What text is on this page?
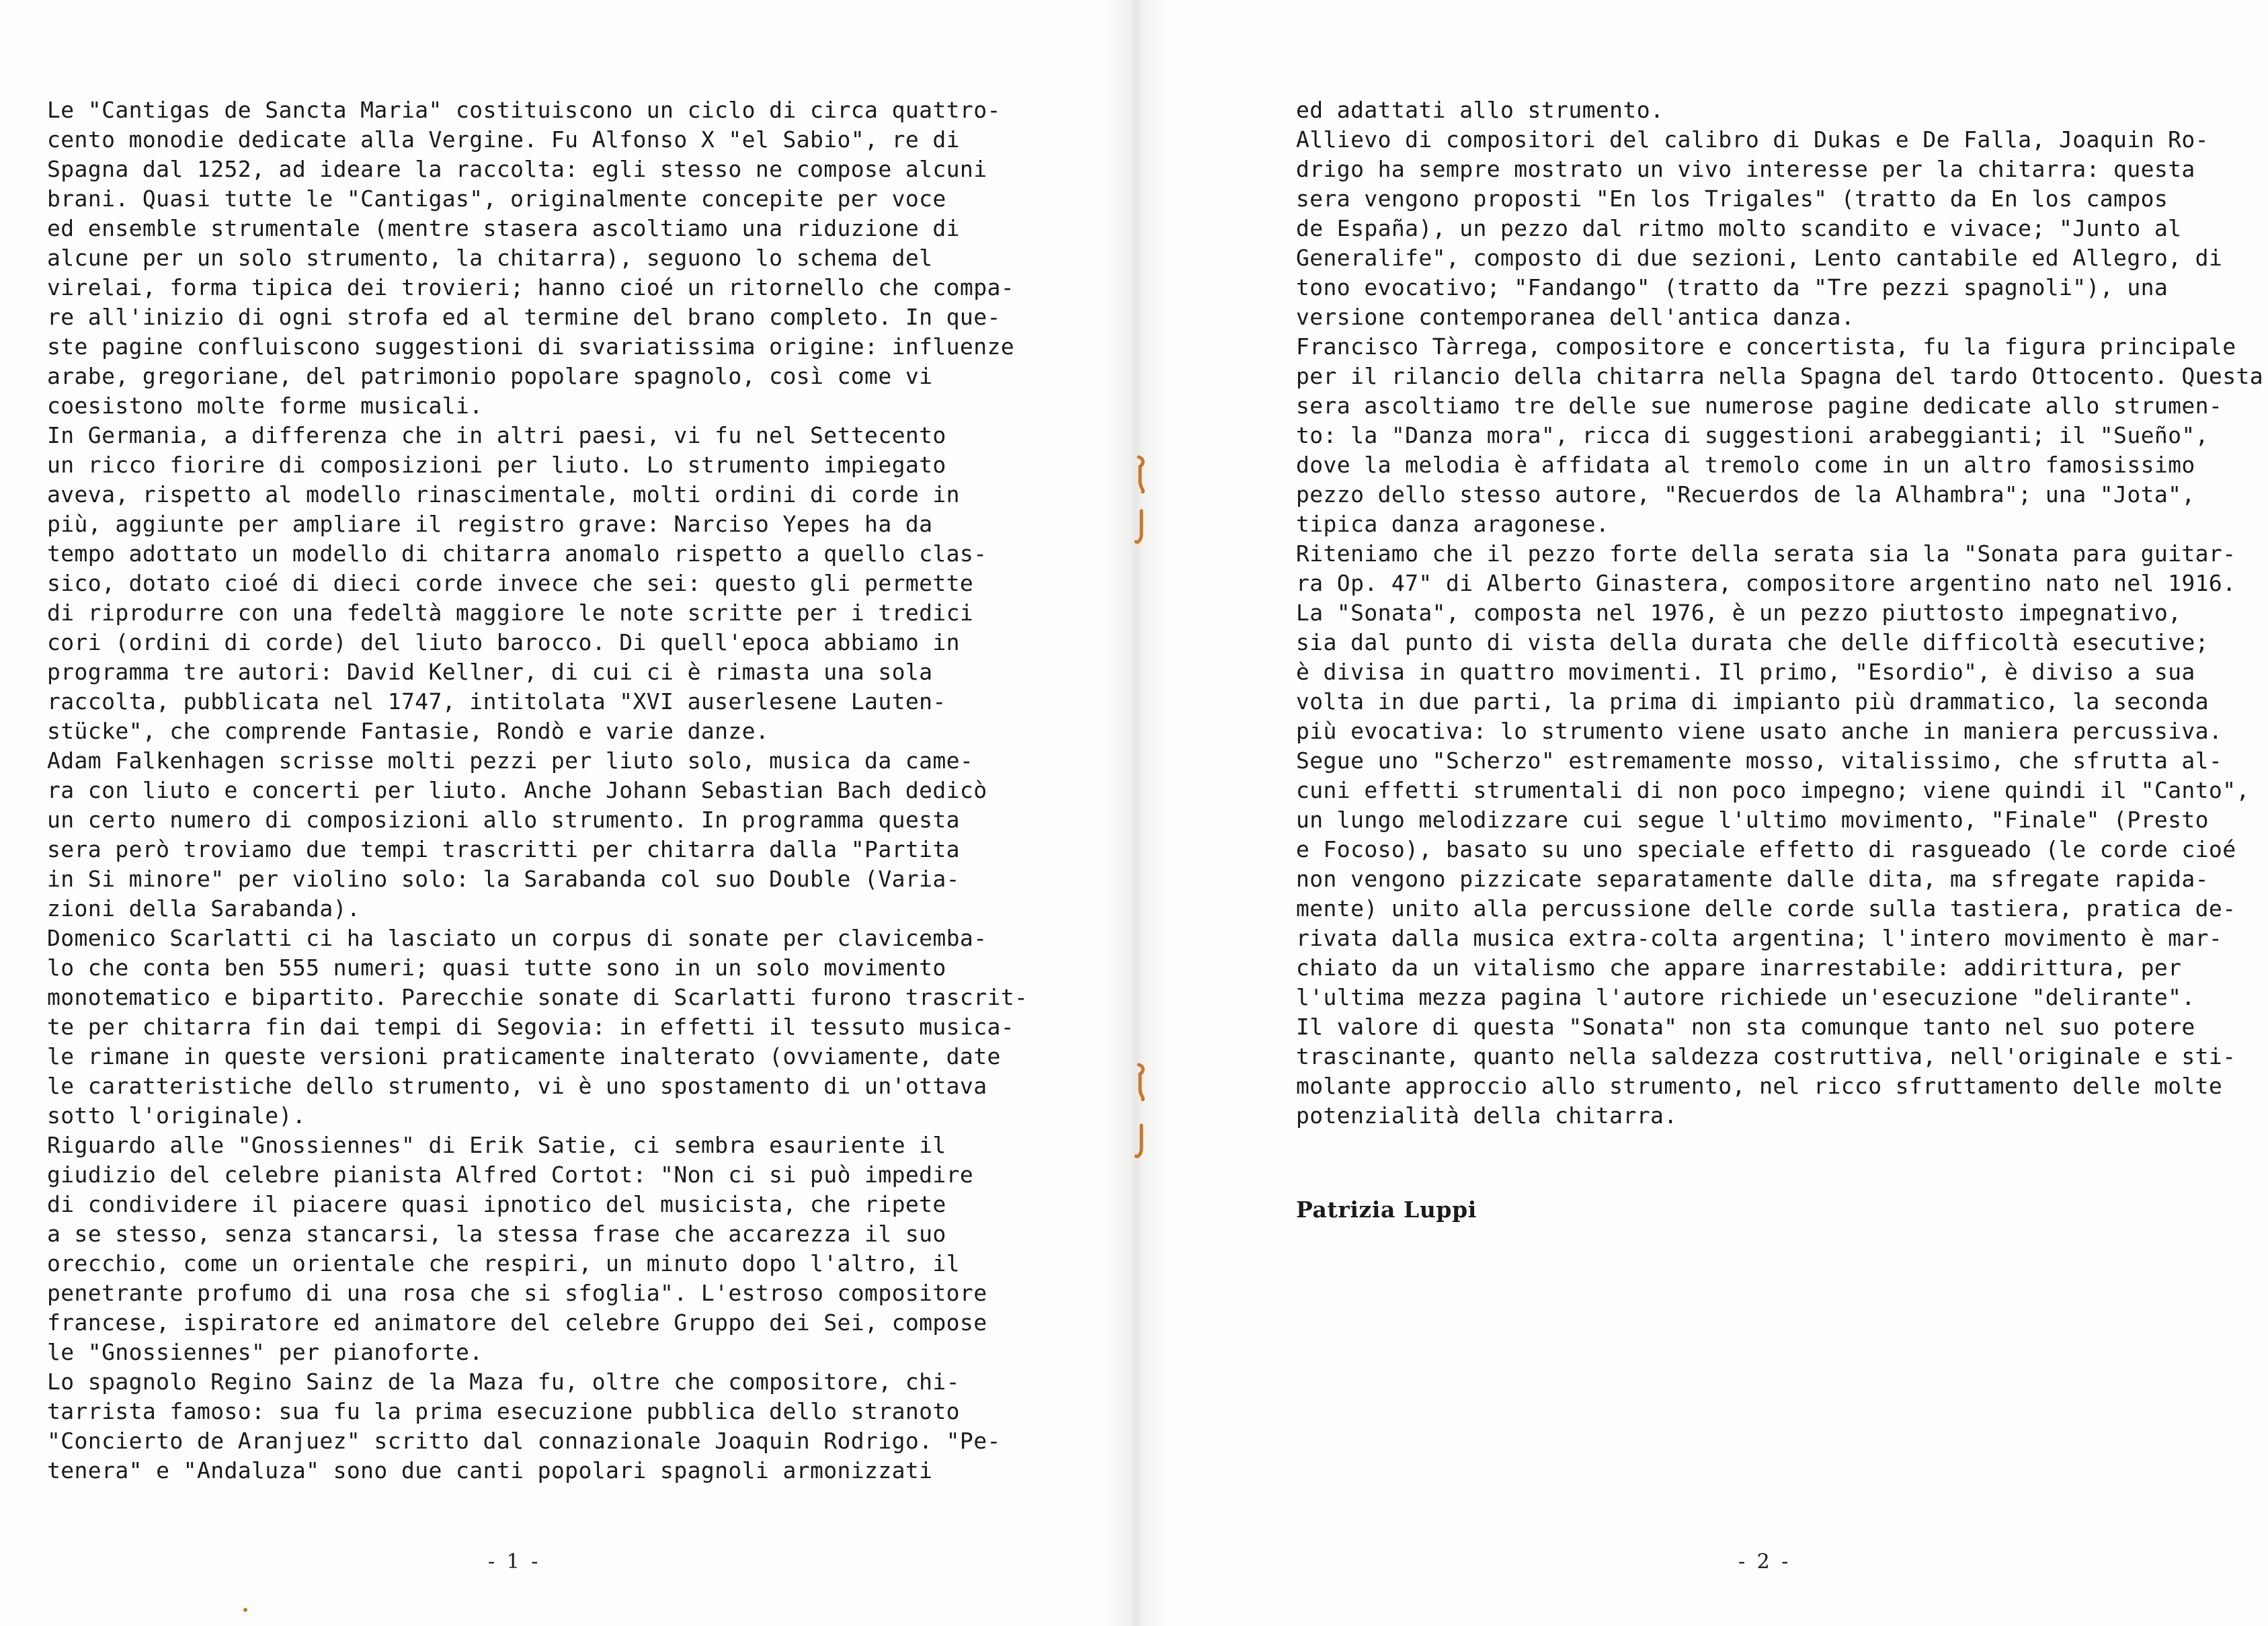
Le "Cantigas de Sancta Maria" costituiscono un ciclo di circa quattro-
cento monodie dedicate alla Vergine. Fu Alfonso X "el Sabio", re di
Spagna dal 1252, ad ideare la raccolta: egli stesso ne compose alcuni
brani. Quasi tutte le "Cantigas", originalmente concepite per voce
ed ensemble strumentale (mentre stasera ascoltiamo una riduzione di
alcune per un solo strumento, la chitarra), seguono lo schema del
virelai, forma tipica dei trovieri; hanno cioé un ritornello che compa-
re all'inizio di ogni strofa ed al termine del brano completo. In que-
ste pagine confluiscono suggestioni di svariatissima origine: influenze
arabe, gregoriane, del patrimonio popolare spagnolo, così come vi
coesistono molte forme musicali.
In Germania, a differenza che in altri paesi, vi fu nel Settecento
un ricco fiorire di composizioni per liuto. Lo strumento impiegato
aveva, rispetto al modello rinascimentale, molti ordini di corde in
più, aggiunte per ampliare il registro grave: Narciso Yepes ha da
tempo adottato un modello di chitarra anomalo rispetto a quello clas-
sico, dotato cioé di dieci corde invece che sei: questo gli permette
di riprodurre con una fedeltà maggiore le note scritte per i tredici
cori (ordini di corde) del liuto barocco. Di quell'epoca abbiamo in
programma tre autori: David Kellner, di cui ci è rimasta una sola
raccolta, pubblicata nel 1747, intitolata "XVI auserlesene Lauten-
stücke", che comprende Fantasie, Rondò e varie danze.
Adam Falkenhagen scrisse molti pezzi per liuto solo, musica da came-
ra con liuto e concerti per liuto. Anche Johann Sebastian Bach dedicò
un certo numero di composizioni allo strumento. In programma questa
sera però troviamo due tempi trascritti per chitarra dalla "Partita
in Si minore" per violino solo: la Sarabanda col suo Double (Varia-
zioni della Sarabanda).
Domenico Scarlatti ci ha lasciato un corpus di sonate per clavicemba-
lo che conta ben 555 numeri; quasi tutte sono in un solo movimento
monotematico e bipartito. Parecchie sonate di Scarlatti furono trascrit-
te per chitarra fin dai tempi di Segovia: in effetti il tessuto musica-
le rimane in queste versioni praticamente inalterato (ovviamente, date
le caratteristiche dello strumento, vi è uno spostamento di un'ottava
sotto l'originale).
Riguardo alle "Gnossiennes" di Erik Satie, ci sembra esauriente il
giudizio del celebre pianista Alfred Cortot: "Non ci si può impedire
di condividere il piacere quasi ipnotico del musicista, che ripete
a se stesso, senza stancarsi, la stessa frase che accarezza il suo
orecchio, come un orientale che respiri, un minuto dopo l'altro, il
penetrante profumo di una rosa che si sfoglia". L'estroso compositore
francese, ispiratore ed animatore del celebre Gruppo dei Sei, compose
le "Gnossiennes" per pianoforte.
Lo spagnolo Regino Sainz de la Maza fu, oltre che compositore, chi-
tarrista famoso: sua fu la prima esecuzione pubblica dello stranoto
"Concierto de Aranjuez" scritto dal connazionale Joaquin Rodrigo. "Pe-
tenera" e "Andaluza" sono due canti popolari spagnoli armonizzati
ed adattati allo strumento.
Allievo di compositori del calibro di Dukas e De Falla, Joaquin Ro-
drigo ha sempre mostrato un vivo interesse per la chitarra: questa
sera vengono proposti "En los Trigales" (tratto da En los campos
de España), un pezzo dal ritmo molto scandito e vivace; "Junto al
Generalife", composto di due sezioni, Lento cantabile ed Allegro, di
tono evocativo; "Fandango" (tratto da "Tre pezzi spagnoli"), una
versione contemporanea dell'antica danza.
Francisco Tàrrega, compositore e concertista, fu la figura principale
per il rilancio della chitarra nella Spagna del tardo Ottocento. Questa
sera ascoltiamo tre delle sue numerose pagine dedicate allo strumen-
to: la "Danza mora", ricca di suggestioni arabeggianti; il "Sueño",
dove la melodia è affidata al tremolo come in un altro famosissimo
pezzo dello stesso autore, "Recuerdos de la Alhambra"; una "Jota",
tipica danza aragonese.
Riteniamo che il pezzo forte della serata sia la "Sonata para guitar-
ra Op. 47" di Alberto Ginastera, compositore argentino nato nel 1916.
La "Sonata", composta nel 1976, è un pezzo piuttosto impegnativo,
sia dal punto di vista della durata che delle difficoltà esecutive;
è divisa in quattro movimenti. Il primo, "Esordio", è diviso a sua
volta in due parti, la prima di impianto più drammatico, la seconda
più evocativa: lo strumento viene usato anche in maniera percussiva.
Segue uno "Scherzo" estremamente mosso, vitalissimo, che sfrutta al-
cuni effetti strumentali di non poco impegno; viene quindi il "Canto",
un lungo melodizzare cui segue l'ultimo movimento, "Finale" (Presto
e Focoso), basato su uno speciale effetto di rasgueado (le corde cioé
non vengono pizzicate separatamente dalle dita, ma sfregate rapida-
mente) unito alla percussione delle corde sulla tastiera, pratica de-
rivata dalla musica extra-colta argentina; l'intero movimento è mar-
chiato da un vitalismo che appare inarrestabile: addirittura, per
l'ultima mezza pagina l'autore richiede un'esecuzione "delirante".
Il valore di questa "Sonata" non sta comunque tanto nel suo potere
trascinante, quanto nella saldezza costruttiva, nell'originale e sti-
molante approccio allo strumento, nel ricco sfruttamento delle molte
potenzialità della chitarra.
Patrizia Luppi
- 1 -	- 2 -
